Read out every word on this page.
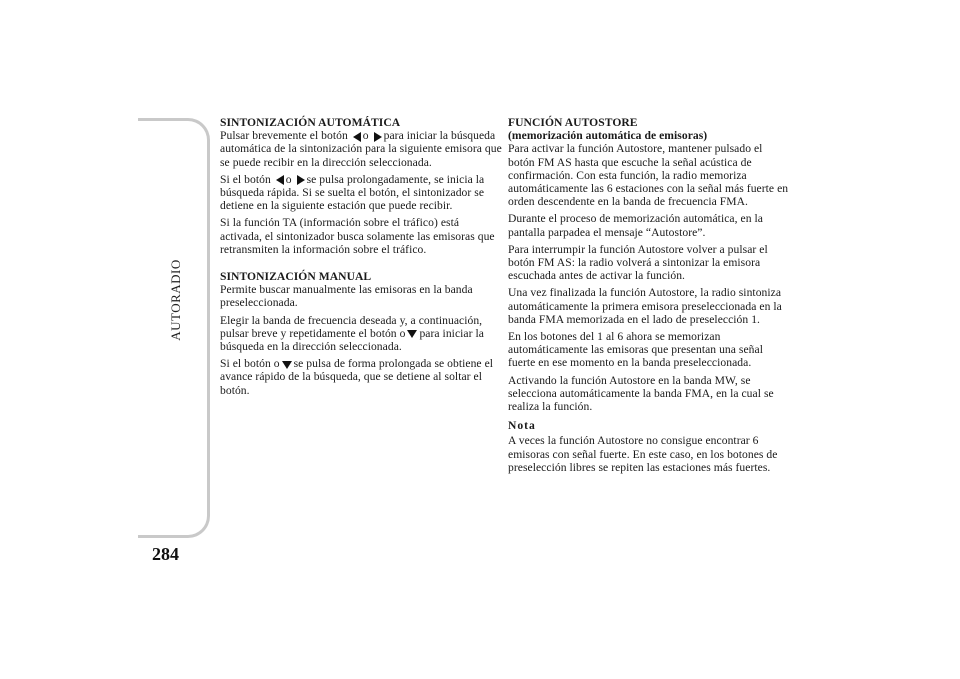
AUTORADIO
284

SINTONIZACIÓN AUTOMÁTICA

Pulsar brevemente el botón o para iniciar la búsqueda automática de la sintonización para la siguiente emisora que se puede recibir en la dirección seleccionada.

Si el botón o se pulsa prolongadamente, se inicia la búsqueda rápida. Si se suelta el botón, el sintonizador se detiene en la siguiente estación que puede recibir.

Si la función TA (información sobre el tráfico) está activada, el sintonizador busca solamente las emisoras que retransmiten la información sobre el tráfico.

SINTONIZACIÓN MANUAL

Permite buscar manualmente las emisoras en la banda preseleccionada.

Elegir la banda de frecuencia deseada y, a continuación, pulsar breve y repetidamente el botón o para iniciar la búsqueda en la dirección seleccionada.

Si el botón o se pulsa de forma prolongada se obtiene el avance rápido de la búsqueda, que se detiene al soltar el botón.

FUNCIÓN AUTOSTORE

(memorización automática de emisoras)

Para activar la función Autostore, mantener pulsado el botón FM AS hasta que escuche la señal acústica de confirmación. Con esta función, la radio memoriza automáticamente las 6 estaciones con la señal más fuerte en orden descendente en la banda de frecuencia FMA.

Durante el proceso de memorización automática, en la pantalla parpadea el mensaje “Autostore”.

Para interrumpir la función Autostore volver a pulsar el botón FM AS: la radio volverá a sintonizar la emisora escuchada antes de activar la función.

Una vez finalizada la función Autostore, la radio sintoniza automáticamente la primera emisora preseleccionada en la banda FMA memorizada en el lado de preselección 1.

En los botones del 1 al 6 ahora se memorizan automáticamente las emisoras que presentan una señal fuerte en ese momento en la banda preseleccionada.

Activando la función Autostore en la banda MW, se selecciona automáticamente la banda FMA, en la cual se realiza la función.

Nota

A veces la función Autostore no consigue encontrar 6 emisoras con señal fuerte. En este caso, en los botones de preselección libres se repiten las estaciones más fuertes.
